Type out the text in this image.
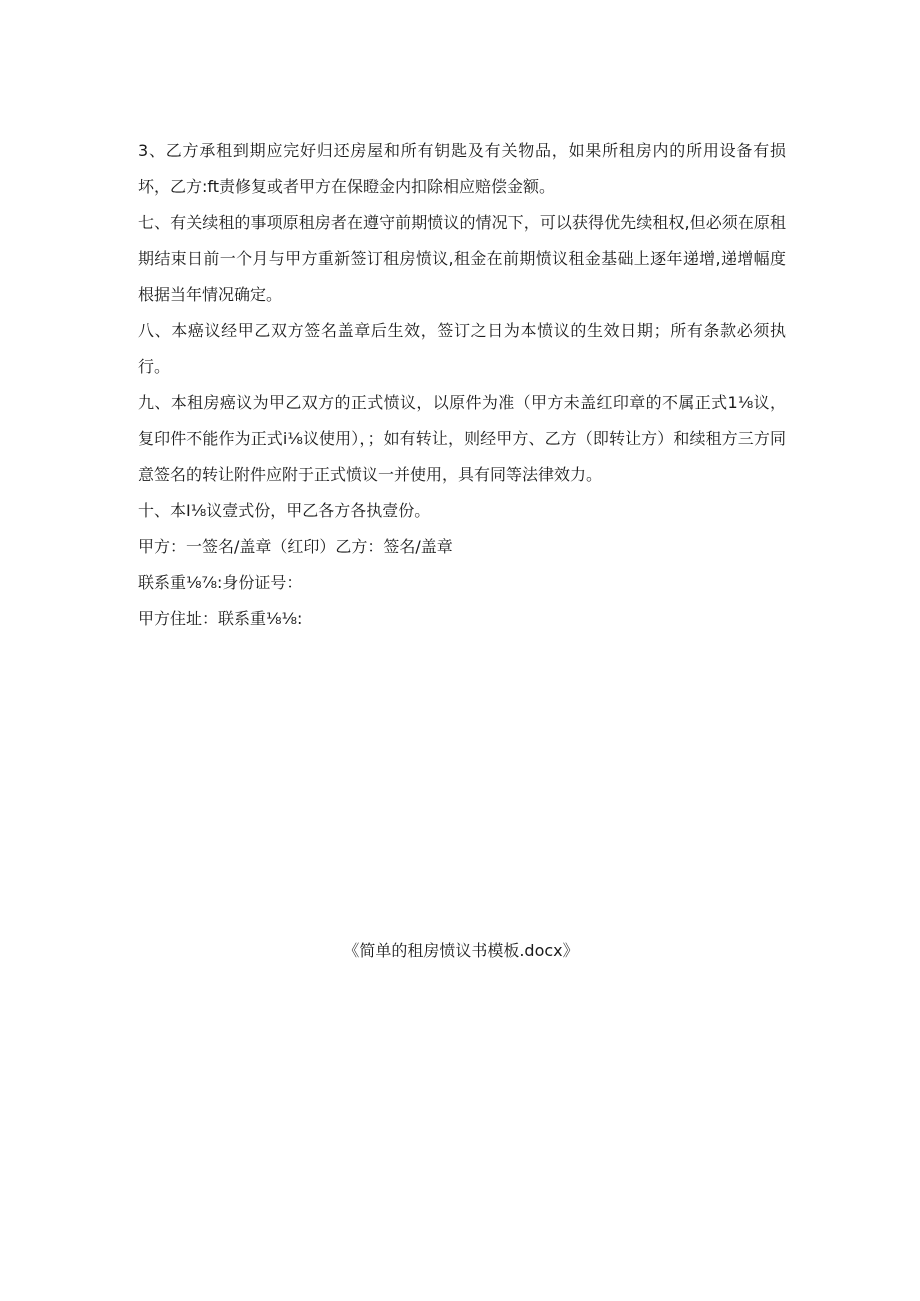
3、乙方承租到期应完好归还房屋和所有钥匙及有关物品，如果所租房内的所用设备有损坏，乙方:ft责修复或者甲方在保瞪金内扣除相应赔偿金额。

七、有关续租的事项原租房者在遵守前期愤议的情况下，可以获得优先续租权,但必须在原租期结束日前一个月与甲方重新签订租房愤议,租金在前期愤议租金基础上逐年递增,递增幅度根据当年情况确定。

八、本癌议经甲乙双方签名盖章后生效，签订之日为本愤议的生效日期；所有条款必须执行。

九、本租房癌议为甲乙双方的正式愤议，以原件为准（甲方未盖红印章的不属正式1⅛议，复印件不能作为正式i⅛议使用），；如有转让，则经甲方、乙方（即转让方）和续租方三方同意签名的转让附件应附于正式愤议一并使用，具有同等法律效力。

十、本I⅛议壹式份，甲乙各方各执壹份。

甲方：一签名/盖章（红印）乙方：签名/盖章

联系重⅛⅞:身份证号：

甲方住址：联系重⅛⅛:

《简单的租房愤议书模板.docx》
